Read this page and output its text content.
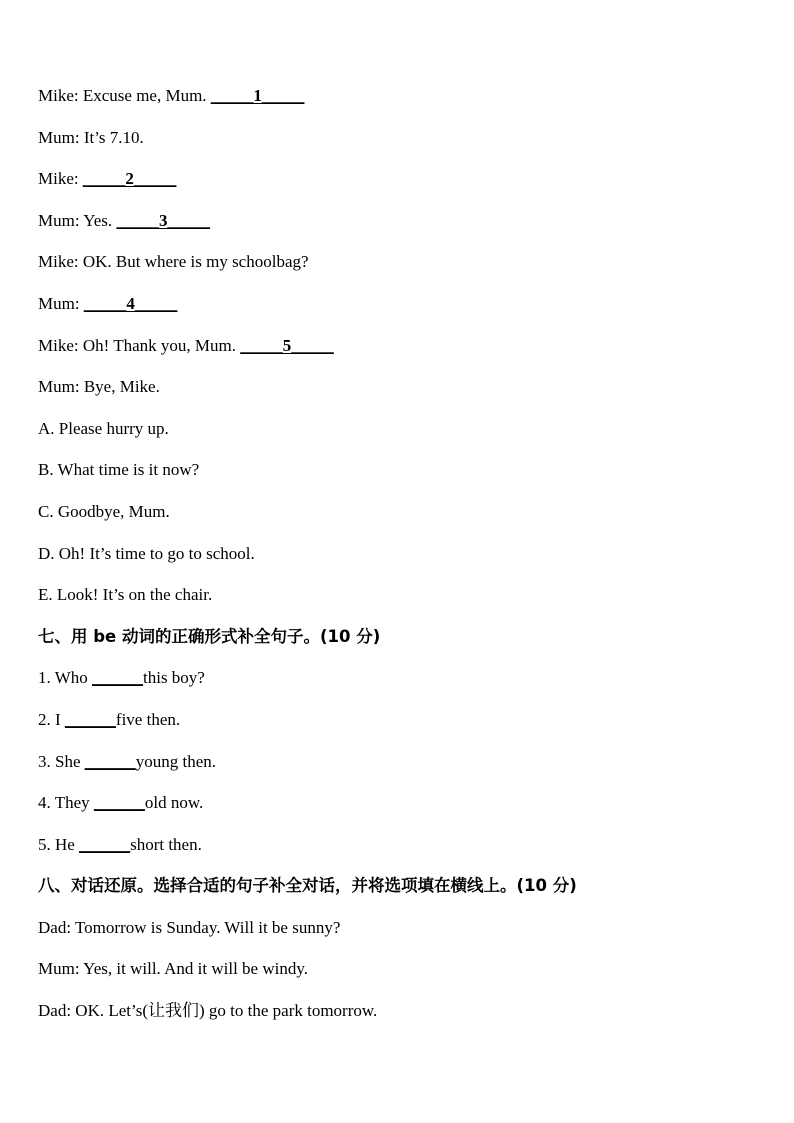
Mike: Excuse me, Mum. _____1_____
Mum: It’s 7.10.
Mike: _____2_____
Mum: Yes. _____3_____
Mike: OK. But where is my schoolbag?
Mum: _____4_____
Mike: Oh! Thank you, Mum. _____5_____
Mum: Bye, Mike.
A. Please hurry up.
B. What time is it now?
C. Goodbye, Mum.
D. Oh! It’s time to go to school.
E. Look! It’s on the chair.
七、用 be 动词的正确形式补全句子。(10 分)
1. Who ______this boy?
2. I ______five then.
3. She ______young then.
4. They ______old now.
5. He ______short then.
八、对话还原。选择合适的句子补全对话，并将选项填在横线上。(10 分)
Dad: Tomorrow is Sunday. Will it be sunny?
Mum: Yes, it will. And it will be windy.
Dad: OK. Let’s(让我们) go to the park tomorrow.
